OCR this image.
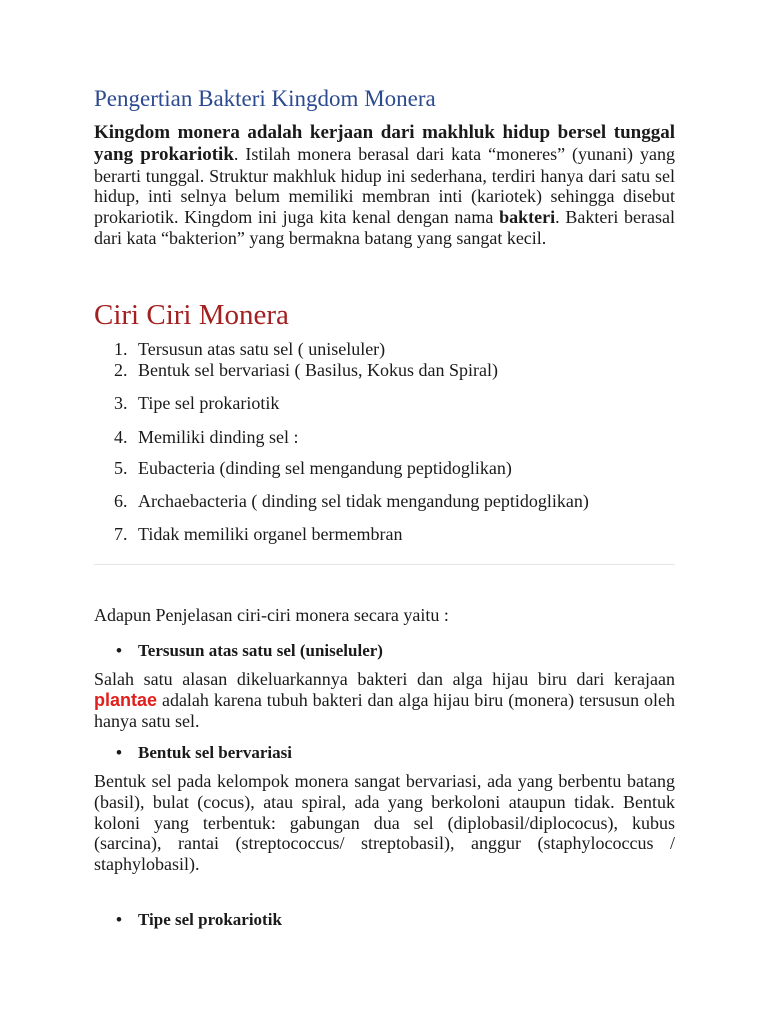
Pengertian Bakteri Kingdom Monera

Kingdom monera adalah kerjaan dari makhluk hidup bersel tunggal yang prokariotik. Istilah monera berasal dari kata “moneres” (yunani) yang berarti tunggal. Struktur makhluk hidup ini sederhana, terdiri hanya dari satu sel hidup, inti selnya belum memiliki membran inti (kariotek) sehingga disebut prokariotik. Kingdom ini juga kita kenal dengan nama bakteri. Bakteri berasal dari kata “bakterion” yang bermakna batang yang sangat kecil.

Ciri Ciri Monera
1. Tersusun atas satu sel ( uniseluler)
2. Bentuk sel bervariasi ( Basilus, Kokus dan Spiral)
3. Tipe sel prokariotik
4. Memiliki dinding sel :
5. Eubacteria (dinding sel mengandung peptidoglikan)
6. Archaebacteria ( dinding sel tidak mengandung peptidoglikan)
7. Tidak memiliki organel bermembran
Adapun Penjelasan ciri-ciri monera secara yaitu :
• Tersusun atas satu sel (uniseluler)

Salah satu alasan dikeluarkannya bakteri dan alga hijau biru dari kerajaan plantae adalah karena tubuh bakteri dan alga hijau biru (monera) tersusun oleh hanya satu sel.

• Bentuk sel bervariasi

Bentuk sel pada kelompok monera sangat bervariasi, ada yang berbentu batang (basil), bulat (cocus), atau spiral, ada yang berkoloni ataupun tidak. Bentuk koloni yang terbentuk: gabungan dua sel (diplobasil/diplococus), kubus (sarcina), rantai (streptococcus/ streptobasil), anggur (staphylococcus / staphylobasil).

• Tipe sel prokariotik
